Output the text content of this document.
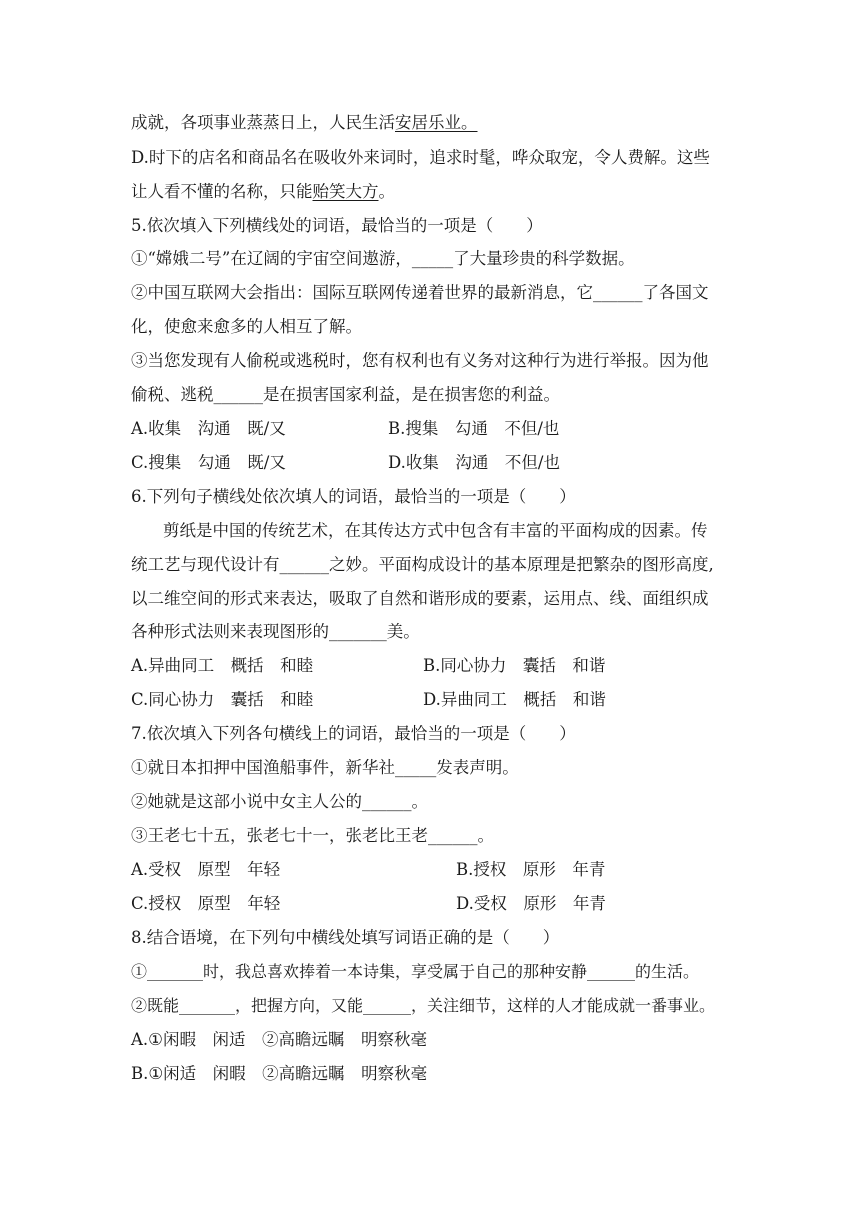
成就，各项事业蒸蒸日上，人民生活安居乐业。
D.时下的店名和商品名在吸收外来词时，追求时髦，哗众取宠，令人费解。这些
让人看不懂的名称，只能贻笑大方。
5.依次填入下列横线处的词语，最恰当的一项是（　　）
①“嫦娥二号”在辽阔的宇宙空间遨游，_____了大量珍贵的科学数据。
②中国互联网大会指出：国际互联网传递着世界的最新消息，它______了各国文
化，使愈来愈多的人相互了解。
③当您发现有人偷税或逃税时，您有权利也有义务对这种行为进行举报。因为他
偷税、逃税______是在损害国家利益，是在损害您的利益。
A.收集　沟通　既/又	B.搜集　勾通　不但/也
C.搜集　勾通　既/又	D.收集　沟通　不但/也
6.下列句子横线处依次填人的词语，最恰当的一项是（　　）
剪纸是中国的传统艺术，在其传达方式中包含有丰富的平面构成的因素。传
统工艺与现代设计有______之妙。平面构成设计的基本原理是把繁杂的图形高度,
以二维空间的形式来表达，吸取了自然和谐形成的要素，运用点、线、面组织成
各种形式法则来表现图形的_______美。
A.异曲同工　概括　和睦	B.同心协力　囊括　和谐
C.同心协力　囊括　和睦	D.异曲同工　概括　和谐
7.依次填入下列各句横线上的词语，最恰当的一项是（　　）
①就日本扣押中国渔船事件，新华社_____发表声明。
②她就是这部小说中女主人公的______。
③王老七十五，张老七十一，张老比王老______。
A.受权　原型　年轻	B.授权　原形　年青
C.授权　原型　年轻	D.受权　原形　年青
8.结合语境，在下列句中横线处填写词语正确的是（　　）
①_______时，我总喜欢捧着一本诗集，享受属于自己的那种安静______的生活。
②既能_______，把握方向，又能______，关注细节，这样的人才能成就一番事业。
A.①闲暇　闲适　②高瞻远瞩　明察秋毫
B.①闲适　闲暇　②高瞻远瞩　明察秋毫
